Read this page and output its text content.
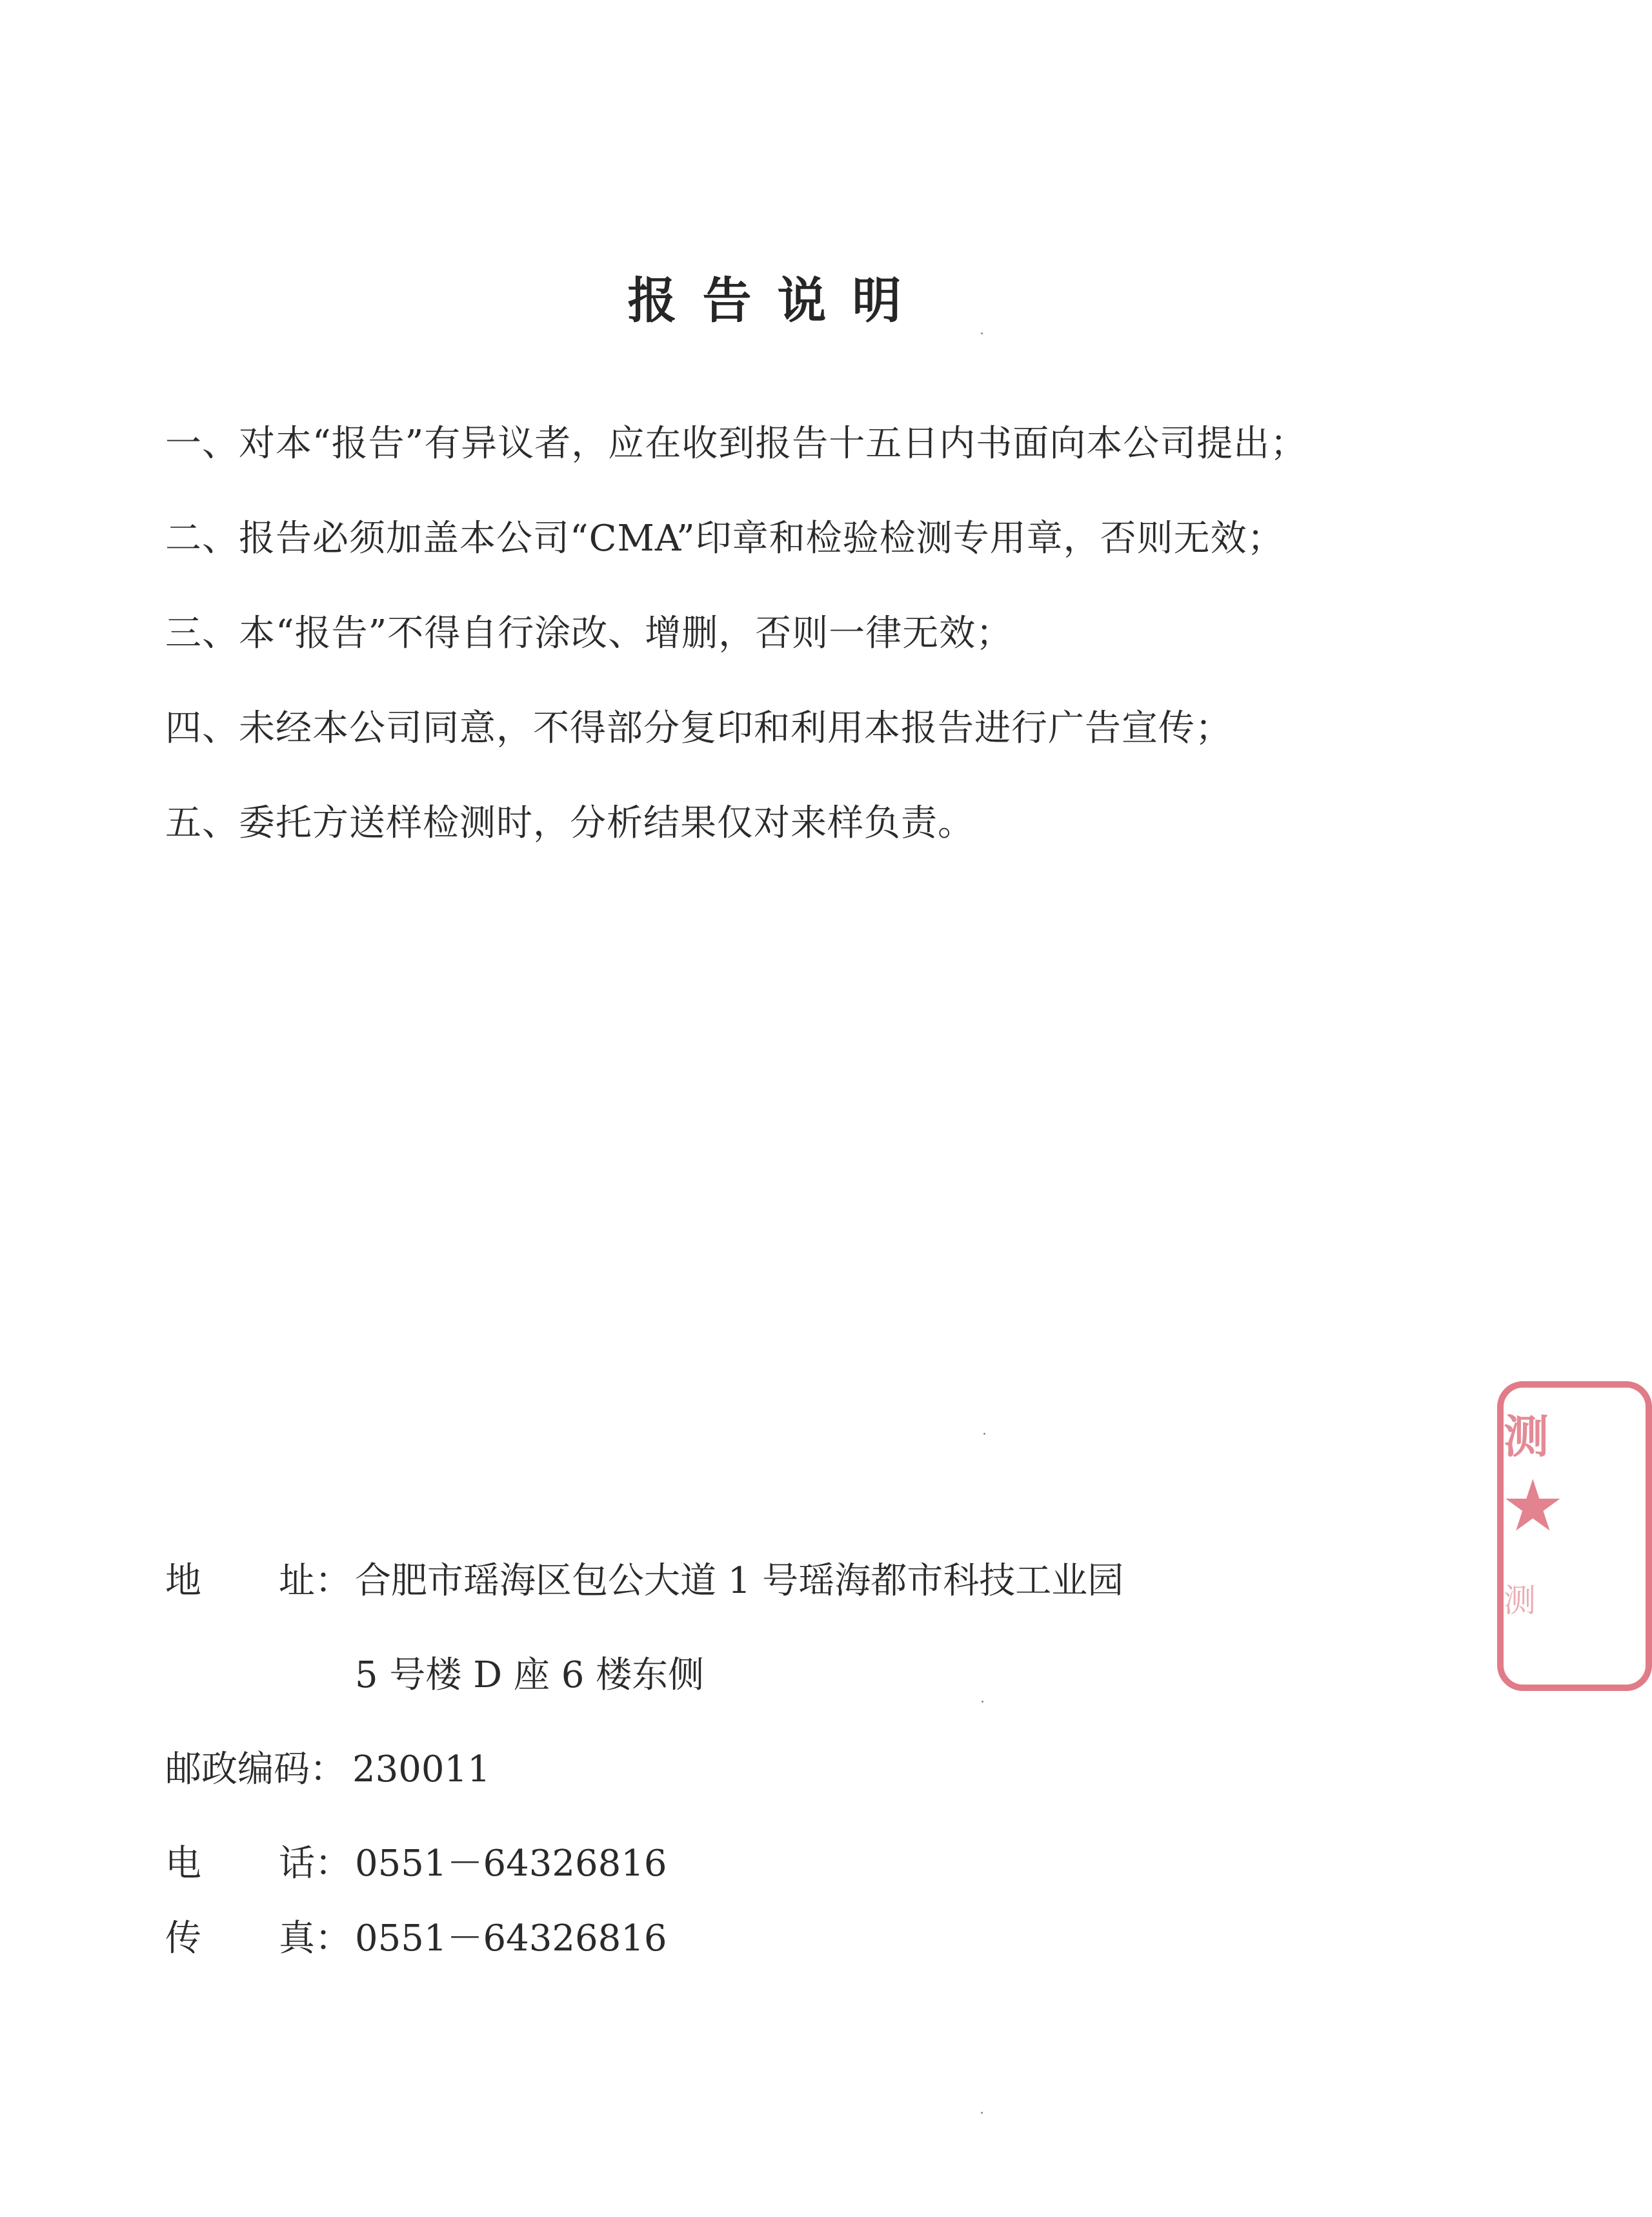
报告说明
一、对本“报告”有异议者，应在收到报告十五日内书面向本公司提出；
二、报告必须加盖本公司“CMA”印章和检验检测专用章，否则无效；
三、本“报告”不得自行涂改、增删，否则一律无效；
四、未经本公司同意，不得部分复印和利用本报告进行广告宣传；
五、委托方送样检测时，分析结果仅对来样负责。
地 址： 合肥市瑶海区包公大道 1 号瑶海都市科技工业园
5 号楼 D 座 6 楼东侧
邮政编码： 230011
电 话： 0551－64326816
传 真： 0551－64326816
测
★
测
